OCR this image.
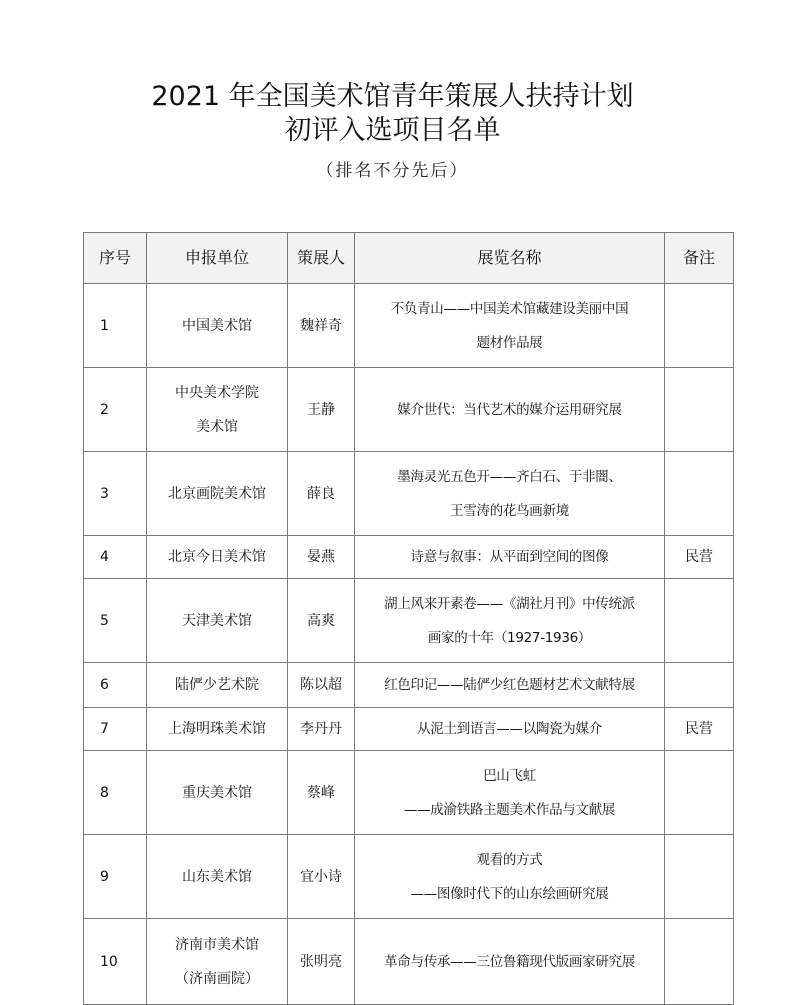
2021 年全国美术馆青年策展人扶持计划
初评入选项目名单
（排名不分先后）
序号	申报单位	策展人	展览名称	备注
1	中国美术馆	魏祥奇	不负青山——中国美术馆藏建设美丽中国
题材作品展	

2	中央美术学院
美术馆	王静	媒介世代：当代艺术的媒介运用研究展	

3	北京画院美术馆	薛良	墨海灵光五色开——齐白石、于非闇、
王雪涛的花鸟画新境	

4	北京今日美术馆	晏燕	诗意与叙事：从平面到空间的图像	民营
5	天津美术馆	高爽	湖上风来开素卷——《湖社月刊》中传统派
画家的十年（1927-1936）	

6	陆俨少艺术院	陈以超	红色印记——陆俨少红色题材艺术文献特展	

7	上海明珠美术馆	李丹丹	从泥土到语言——以陶瓷为媒介	民营
8	重庆美术馆	蔡峰	巴山飞虹
——成渝铁路主题美术作品与文献展	

9	山东美术馆	宜小诗	观看的方式
——图像时代下的山东绘画研究展	

10	济南市美术馆
（济南画院）	张明亮	革命与传承——三位鲁籍现代版画家研究展	
